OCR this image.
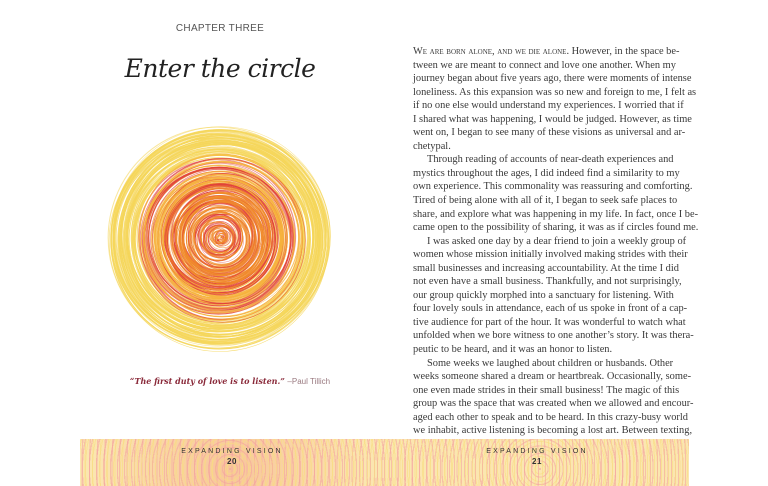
CHAPTER THREE
Enter the circle
“The first duty of love is to listen.” –Paul Tillich
We are born alone, and we die alone. However, in the space be-
tween we are meant to connect and love one another. When my
journey began about five years ago, there were moments of intense
loneliness. As this expansion was so new and foreign to me, I felt as
if no one else would understand my experiences. I worried that if
I shared what was happening, I would be judged. However, as time
went on, I began to see many of these visions as universal and ar-
chetypal.
Through reading of accounts of near-death experiences and
mystics throughout the ages, I did indeed find a similarity to my
own experience. This commonality was reassuring and comforting.
Tired of being alone with all of it, I began to seek safe places to
share, and explore what was happening in my life. In fact, once I be-
came open to the possibility of sharing, it was as if circles found me.
I was asked one day by a dear friend to join a weekly group of
women whose mission initially involved making strides with their
small businesses and increasing accountability. At the time I did
not even have a small business. Thankfully, and not surprisingly,
our group quickly morphed into a sanctuary for listening. With
four lovely souls in attendance, each of us spoke in front of a cap-
tive audience for part of the hour. It was wonderful to watch what
unfolded when we bore witness to one another’s story. It was thera-
peutic to be heard, and it was an honor to listen.
Some weeks we laughed about children or husbands. Other
weeks someone shared a dream or heartbreak. Occasionally, some-
one even made strides in their small business! The magic of this
group was the space that was created when we allowed and encour-
aged each other to speak and to be heard. In this crazy-busy world
we inhabit, active listening is becoming a lost art. Between texting,
EXPANDING VISION
20
EXPANDING VISION
21
